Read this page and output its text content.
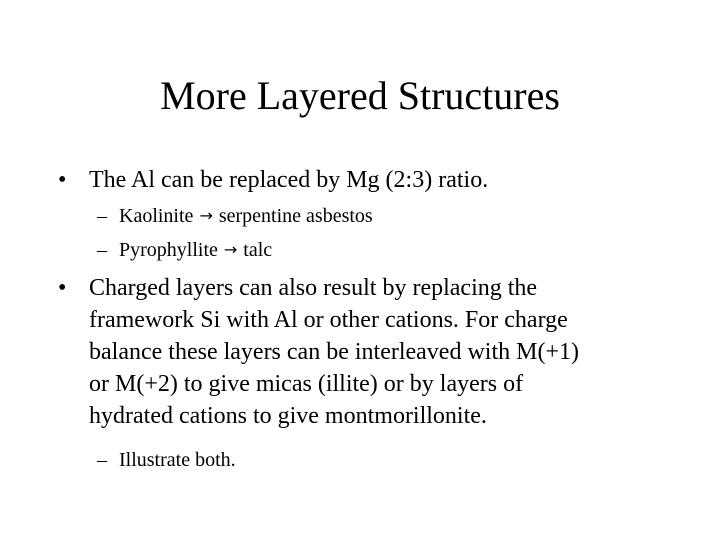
More Layered Structures
• The Al can be replaced by Mg (2:3) ratio.
– Kaolinite → serpentine asbestos
– Pyrophyllite → talc
• Charged layers can also result by replacing the
framework Si with Al or other cations. For charge
balance these layers can be interleaved with M(+1)
or M(+2) to give micas (illite) or by layers of
hydrated cations to give montmorillonite.
– Illustrate both.
